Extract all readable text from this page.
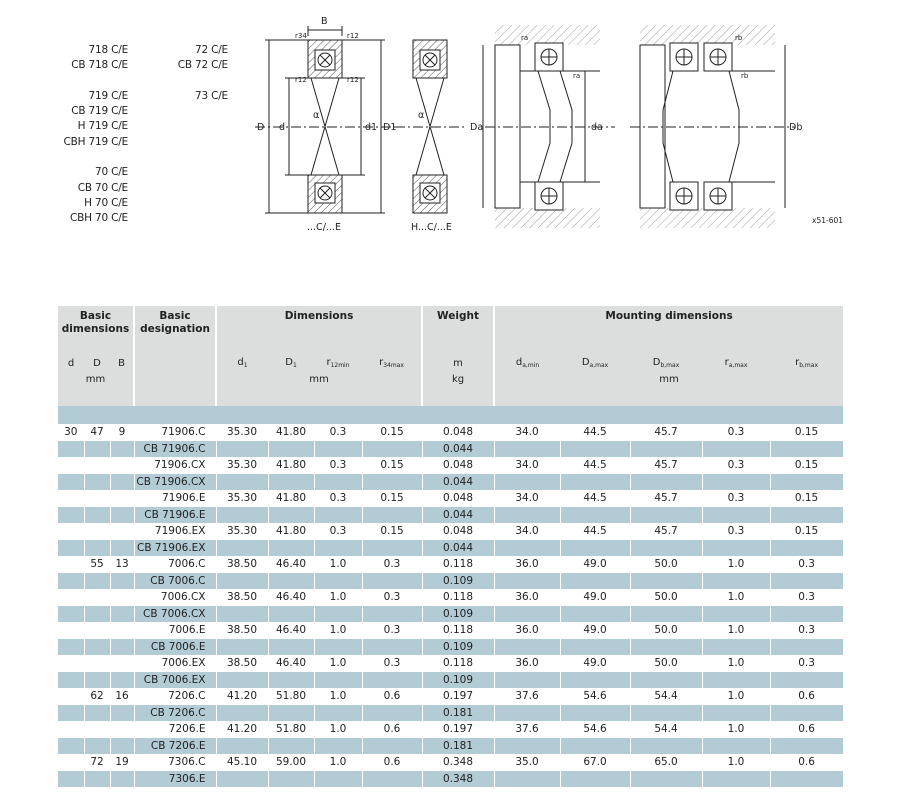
718 C/E
CB 718 C/E
719 C/E
CB 719 C/E
H 719 C/E
CBH 719 C/E
70 C/E
CB 70 C/E
H 70 C/E
CBH 70 C/E
72 C/E
CB 72 C/E
73 C/E
B
r34	r12
r12	r12
D d	d1 D1
α	α
ra
ra
rb
rb
Da	da	Db
...C/...E	H...C/...E
x51-601
Basic dimensions			Basic designation	Dimensions				Weight	Mounting dimensions				
d	D	B		$d_1$	$D_1$	$r_{12min}$	$r_{34max}$	m	$d_{a,min}$	$D_{a,max}$	$D_{b,max}$	$r_{a,max}$	$r_{b,max}$
mm				mm				kg	mm				

30	47	9	71906.C	35.30	41.80	0.3	0.15	0.048	34.0	44.5	45.7	0.3	0.15
			CB 71906.C					0.044					
			71906.CX	35.30	41.80	0.3	0.15	0.048	34.0	44.5	45.7	0.3	0.15
			CB 71906.CX					0.044					
			71906.E	35.30	41.80	0.3	0.15	0.048	34.0	44.5	45.7	0.3	0.15
			CB 71906.E					0.044					
			71906.EX	35.30	41.80	0.3	0.15	0.048	34.0	44.5	45.7	0.3	0.15
			CB 71906.EX					0.044					
	55	13	7006.C	38.50	46.40	1.0	0.3	0.118	36.0	49.0	50.0	1.0	0.3
			CB 7006.C					0.109					
			7006.CX	38.50	46.40	1.0	0.3	0.118	36.0	49.0	50.0	1.0	0.3
			CB 7006.CX					0.109					
			7006.E	38.50	46.40	1.0	0.3	0.118	36.0	49.0	50.0	1.0	0.3
			CB 7006.E					0.109					
			7006.EX	38.50	46.40	1.0	0.3	0.118	36.0	49.0	50.0	1.0	0.3
			CB 7006.EX					0.109					
	62	16	7206.C	41.20	51.80	1.0	0.6	0.197	37.6	54.6	54.4	1.0	0.6
			CB 7206.C					0.181					
			7206.E	41.20	51.80	1.0	0.6	0.197	37.6	54.6	54.4	1.0	0.6
			CB 7206.E					0.181					
	72	19	7306.C	45.10	59.00	1.0	0.6	0.348	35.0	67.0	65.0	1.0	0.6
			7306.E					0.348					
